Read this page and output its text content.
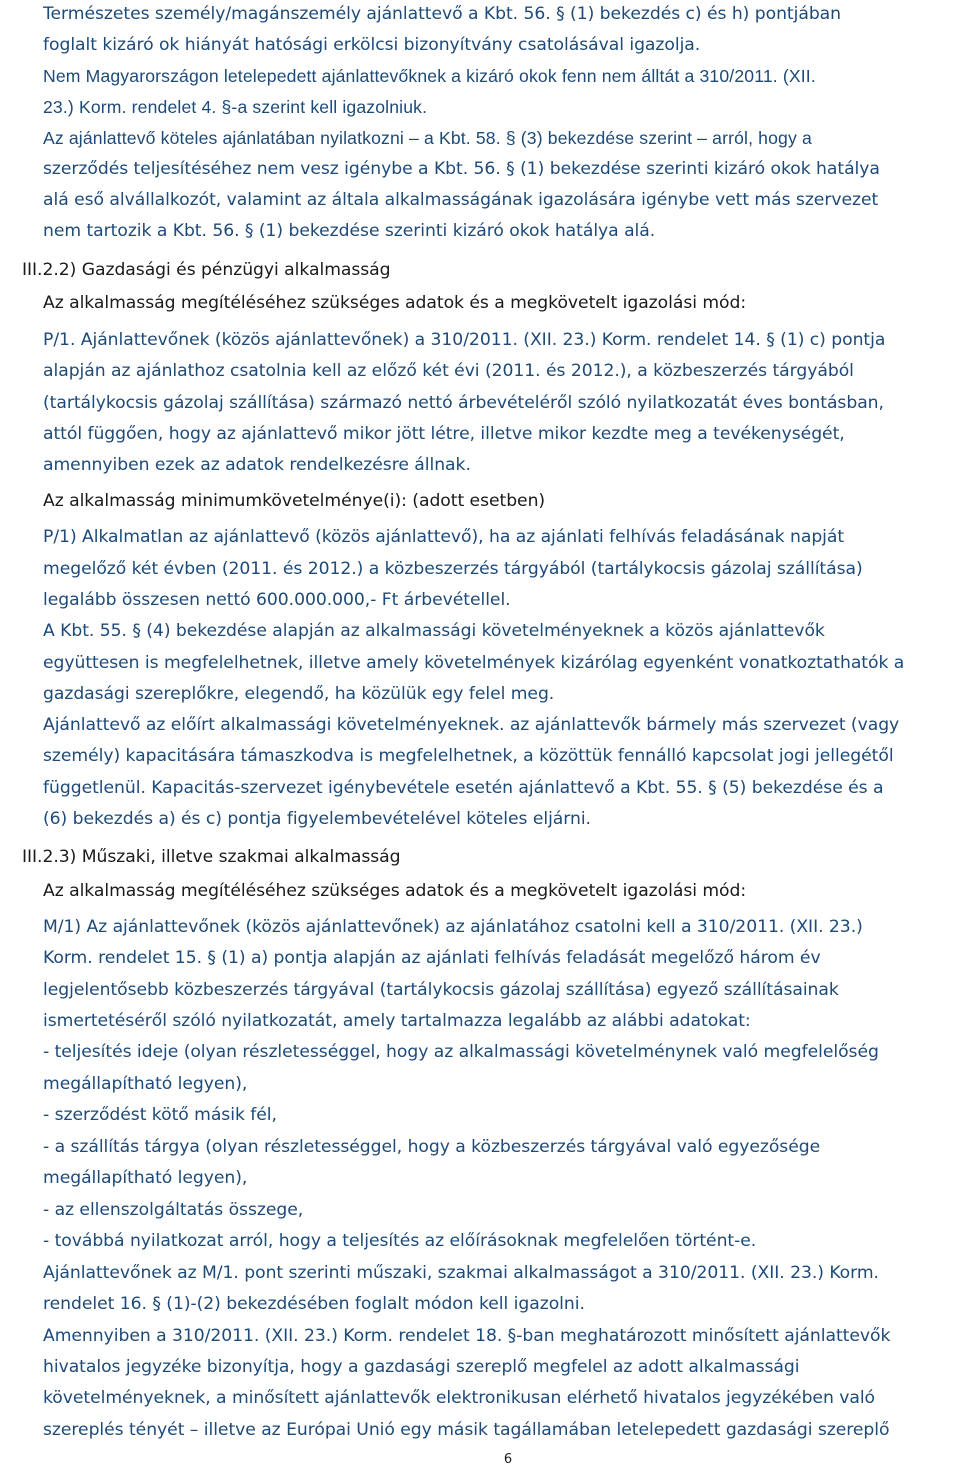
Természetes személy/magánszemély ajánlattevő a Kbt. 56. § (1) bekezdés c) és h) pontjában
foglalt kizáró ok hiányát hatósági erkölcsi bizonyítvány csatolásával igazolja.
Nem Magyarországon letelepedett ajánlattevőknek a kizáró okok fenn nem álltát a 310/2011. (XII.
23.) Korm. rendelet 4. §-a szerint kell igazolniuk.
Az ajánlattevő köteles ajánlatában nyilatkozni – a Kbt. 58. § (3) bekezdése szerint – arról, hogy a
szerződés teljesítéséhez nem vesz igénybe a Kbt. 56. § (1) bekezdése szerinti kizáró okok hatálya
alá eső alvállalkozót, valamint az általa alkalmasságának igazolására igénybe vett más szervezet
nem tartozik a Kbt. 56. § (1) bekezdése szerinti kizáró okok hatálya alá.
III.2.2) Gazdasági és pénzügyi alkalmasság
Az alkalmasság megítéléséhez szükséges adatok és a megkövetelt igazolási mód:
P/1. Ajánlattevőnek (közös ajánlattevőnek) a 310/2011. (XII. 23.) Korm. rendelet 14. § (1) c) pontja
alapján az ajánlathoz csatolnia kell az előző két évi (2011. és 2012.), a közbeszerzés tárgyából
(tartálykocsis gázolaj szállítása) származó nettó árbevételéről szóló nyilatkozatát éves bontásban,
attól függően, hogy az ajánlattevő mikor jött létre, illetve mikor kezdte meg a tevékenységét,
amennyiben ezek az adatok rendelkezésre állnak.
Az alkalmasság minimumkövetelménye(i): (adott esetben)
P/1) Alkalmatlan az ajánlattevő (közös ajánlattevő), ha az ajánlati felhívás feladásának napját
megelőző két évben (2011. és 2012.) a közbeszerzés tárgyából (tartálykocsis gázolaj szállítása)
legalább összesen nettó 600.000.000,- Ft árbevétellel.
A Kbt. 55. § (4) bekezdése alapján az alkalmassági követelményeknek a közös ajánlattevők
együttesen is megfelelhetnek, illetve amely követelmények kizárólag egyenként vonatkoztathatók a
gazdasági szereplőkre, elegendő, ha közülük egy felel meg.
Ajánlattevő az előírt alkalmassági követelményeknek. az ajánlattevők bármely más szervezet (vagy
személy) kapacitására támaszkodva is megfelelhetnek, a közöttük fennálló kapcsolat jogi jellegétől
függetlenül. Kapacitás-szervezet igénybevétele esetén ajánlattevő a Kbt. 55. § (5) bekezdése és a
(6) bekezdés a) és c) pontja figyelembevételével köteles eljárni.
III.2.3) Műszaki, illetve szakmai alkalmasság
Az alkalmasság megítéléséhez szükséges adatok és a megkövetelt igazolási mód:
M/1) Az ajánlattevőnek (közös ajánlattevőnek) az ajánlatához csatolni kell a 310/2011. (XII. 23.)
Korm. rendelet 15. § (1) a) pontja alapján az ajánlati felhívás feladását megelőző három év
legjelentősebb közbeszerzés tárgyával (tartálykocsis gázolaj szállítása) egyező szállításainak
ismertetéséről szóló nyilatkozatát, amely tartalmazza legalább az alábbi adatokat:
- teljesítés ideje (olyan részletességgel, hogy az alkalmassági követelménynek való megfelelőség
megállapítható legyen),
- szerződést kötő másik fél,
- a szállítás tárgya (olyan részletességgel, hogy a közbeszerzés tárgyával való egyezősége
megállapítható legyen),
- az ellenszolgáltatás összege,
- továbbá nyilatkozat arról, hogy a teljesítés az előírásoknak megfelelően történt-e.
Ajánlattevőnek az M/1. pont szerinti műszaki, szakmai alkalmasságot a 310/2011. (XII. 23.) Korm.
rendelet 16. § (1)-(2) bekezdésében foglalt módon kell igazolni.
Amennyiben a 310/2011. (XII. 23.) Korm. rendelet 18. §-ban meghatározott minősített ajánlattevők
hivatalos jegyzéke bizonyítja, hogy a gazdasági szereplő megfelel az adott alkalmassági
követelményeknek, a minősített ajánlattevők elektronikusan elérhető hivatalos jegyzékében való
szereplés tényét – illetve az Európai Unió egy másik tagállamában letelepedett gazdasági szereplő
6
